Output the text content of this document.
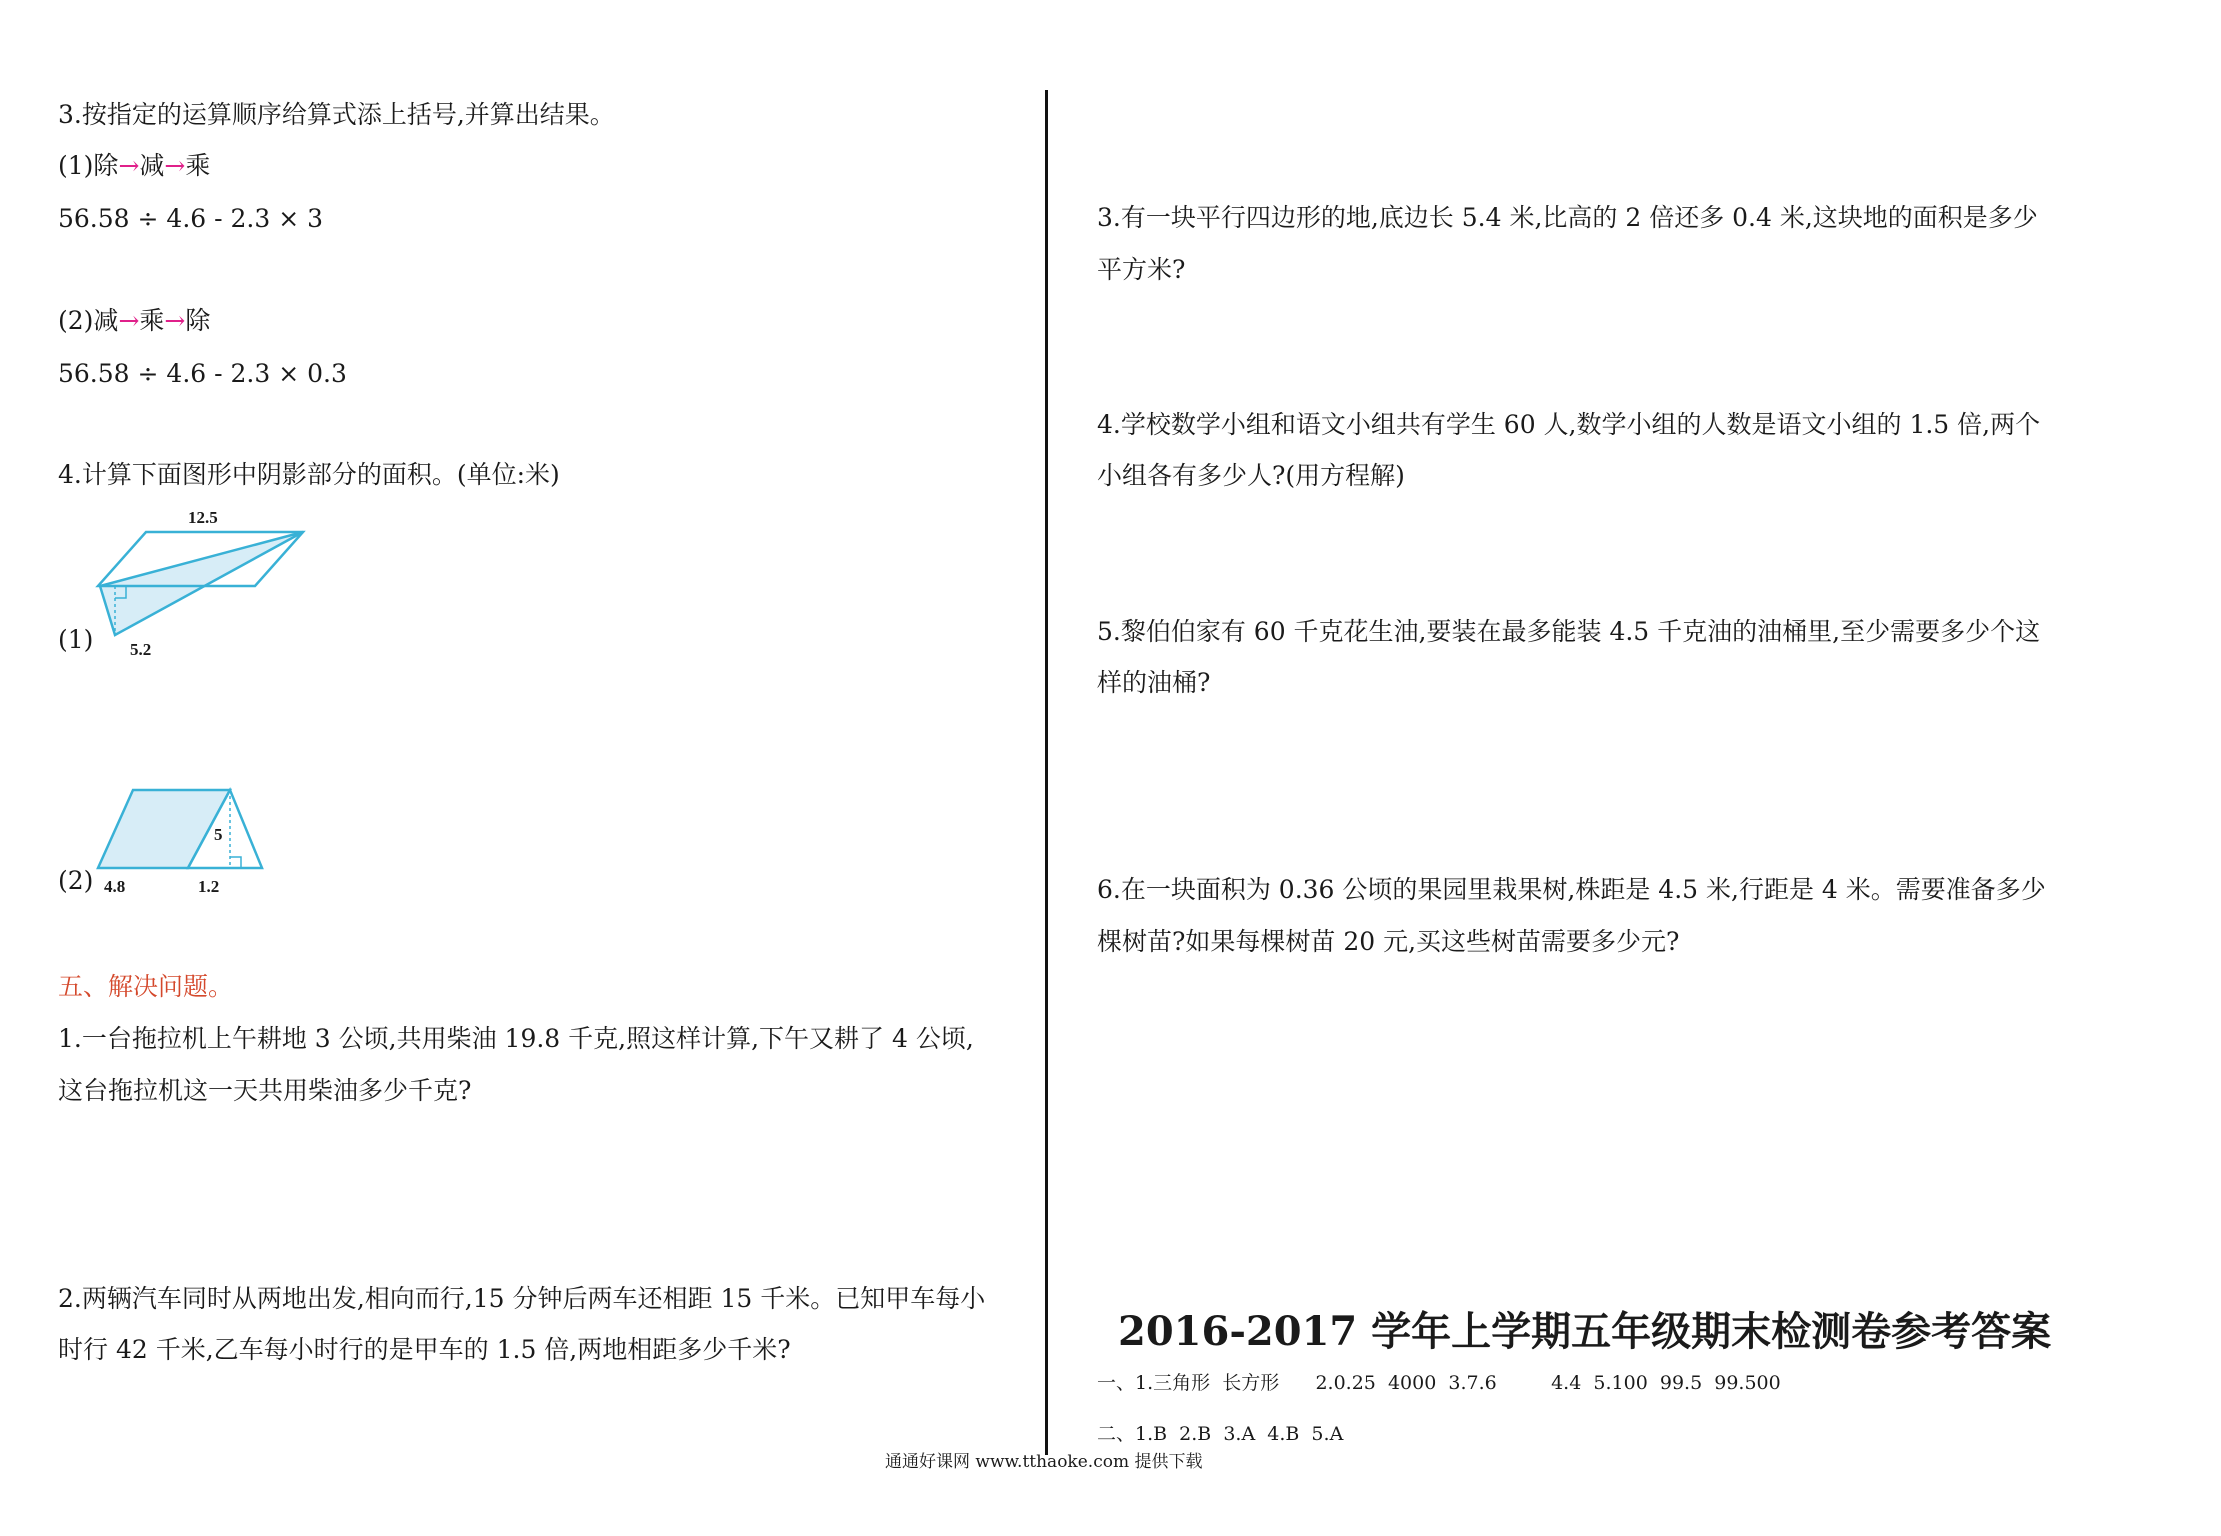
3.按指定的运算顺序给算式添上括号,并算出结果。
(1)除→减→乘
56.58 ÷ 4.6 - 2.3 × 3
(2)减→乘→除
56.58 ÷ 4.6 - 2.3 × 0.3
4.计算下面图形中阴影部分的面积。(单位:米)
(1)
12.5
5.2
(2)
5
4.8	1.2
五、解决问题。
1.一台拖拉机上午耕地 3 公顷,共用柴油 19.8 千克,照这样计算,下午又耕了 4 公顷,
这台拖拉机这一天共用柴油多少千克?
2.两辆汽车同时从两地出发,相向而行,15 分钟后两车还相距 15 千米。已知甲车每小
时行 42 千米,乙车每小时行的是甲车的 1.5 倍,两地相距多少千米?
3.有一块平行四边形的地,底边长 5.4 米,比高的 2 倍还多 0.4 米,这块地的面积是多少
平方米?
4.学校数学小组和语文小组共有学生 60 人,数学小组的人数是语文小组的 1.5 倍,两个
小组各有多少人?(用方程解)
5.黎伯伯家有 60 千克花生油,要装在最多能装 4.5 千克油的油桶里,至少需要多少个这
样的油桶?
6.在一块面积为 0.36 公顷的果园里栽果树,株距是 4.5 米,行距是 4 米。需要准备多少
棵树苗?如果每棵树苗 20 元,买这些树苗需要多少元?
2016-2017 学年上学期五年级期末检测卷参考答案
一、1.三角形  长方形      2.0.25  4000  3.7.6         4.4  5.100  99.5  99.500
二、1.B  2.B  3.A  4.B  5.A
通通好课网 www.tthaoke.com 提供下载
